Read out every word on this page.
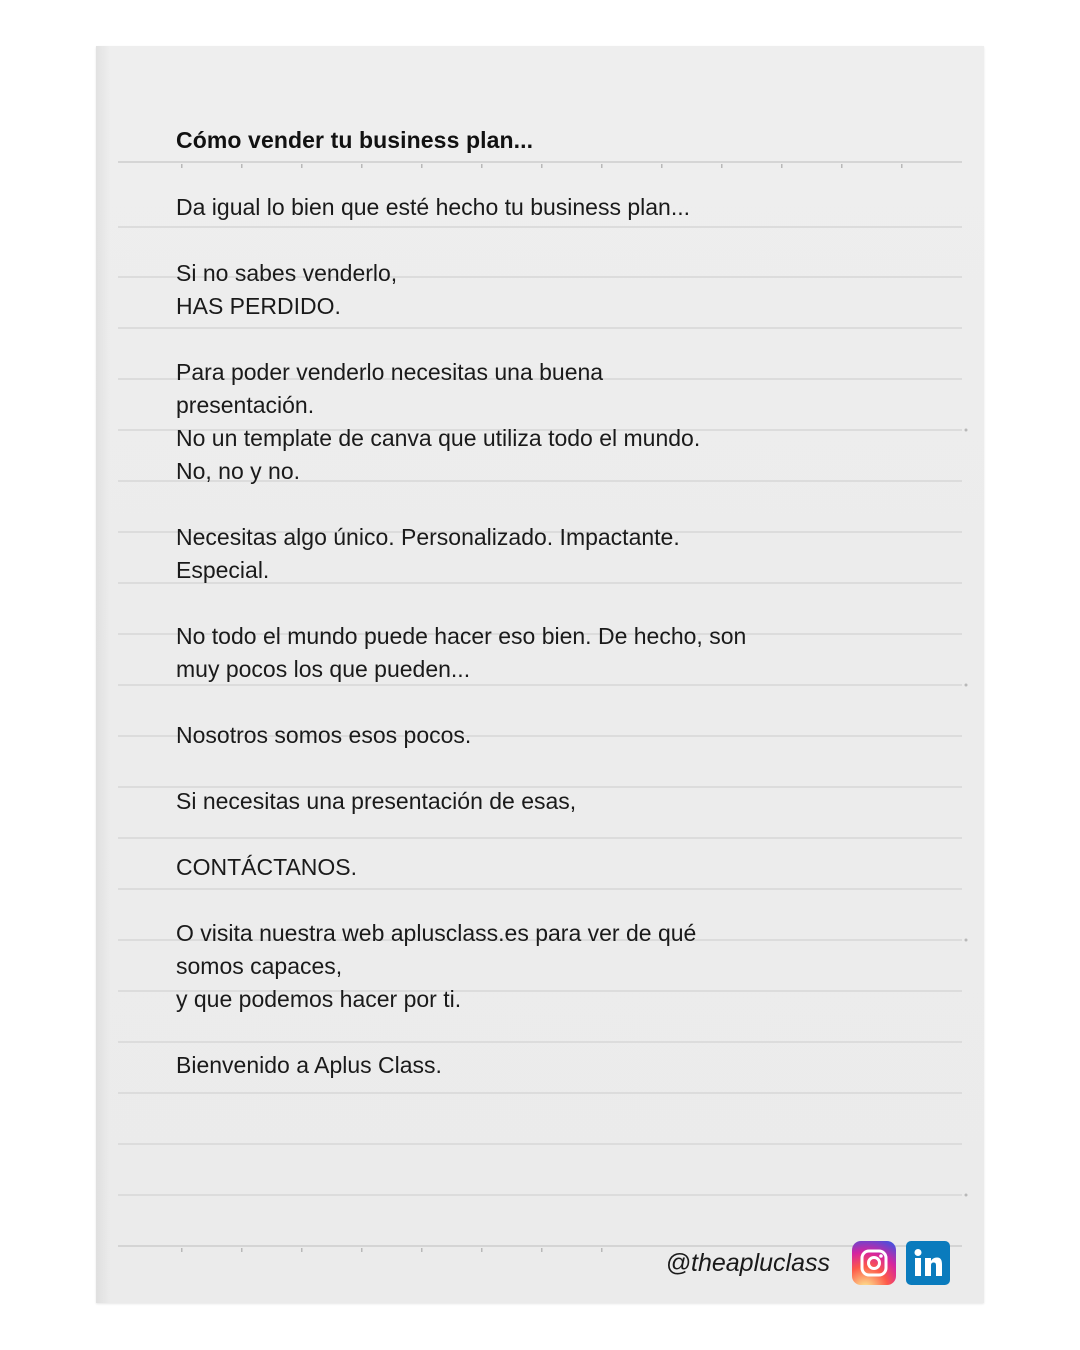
Cómo vender tu business plan...
Da igual lo bien que esté hecho tu business plan...
Si no sabes venderlo,
HAS PERDIDO.
Para poder venderlo necesitas una buena
presentación.
No un template de canva que utiliza todo el mundo.
No, no y no.
Necesitas algo único. Personalizado. Impactante.
Especial.
No todo el mundo puede hacer eso bien. De hecho, son
muy pocos los que pueden...
Nosotros somos esos pocos.
Si necesitas una presentación de esas,
CONTÁCTANOS.
O visita nuestra web aplusclass.es para ver de qué
somos capaces,
y que podemos hacer por ti.
Bienvenido a Aplus Class.
@theapluclass
